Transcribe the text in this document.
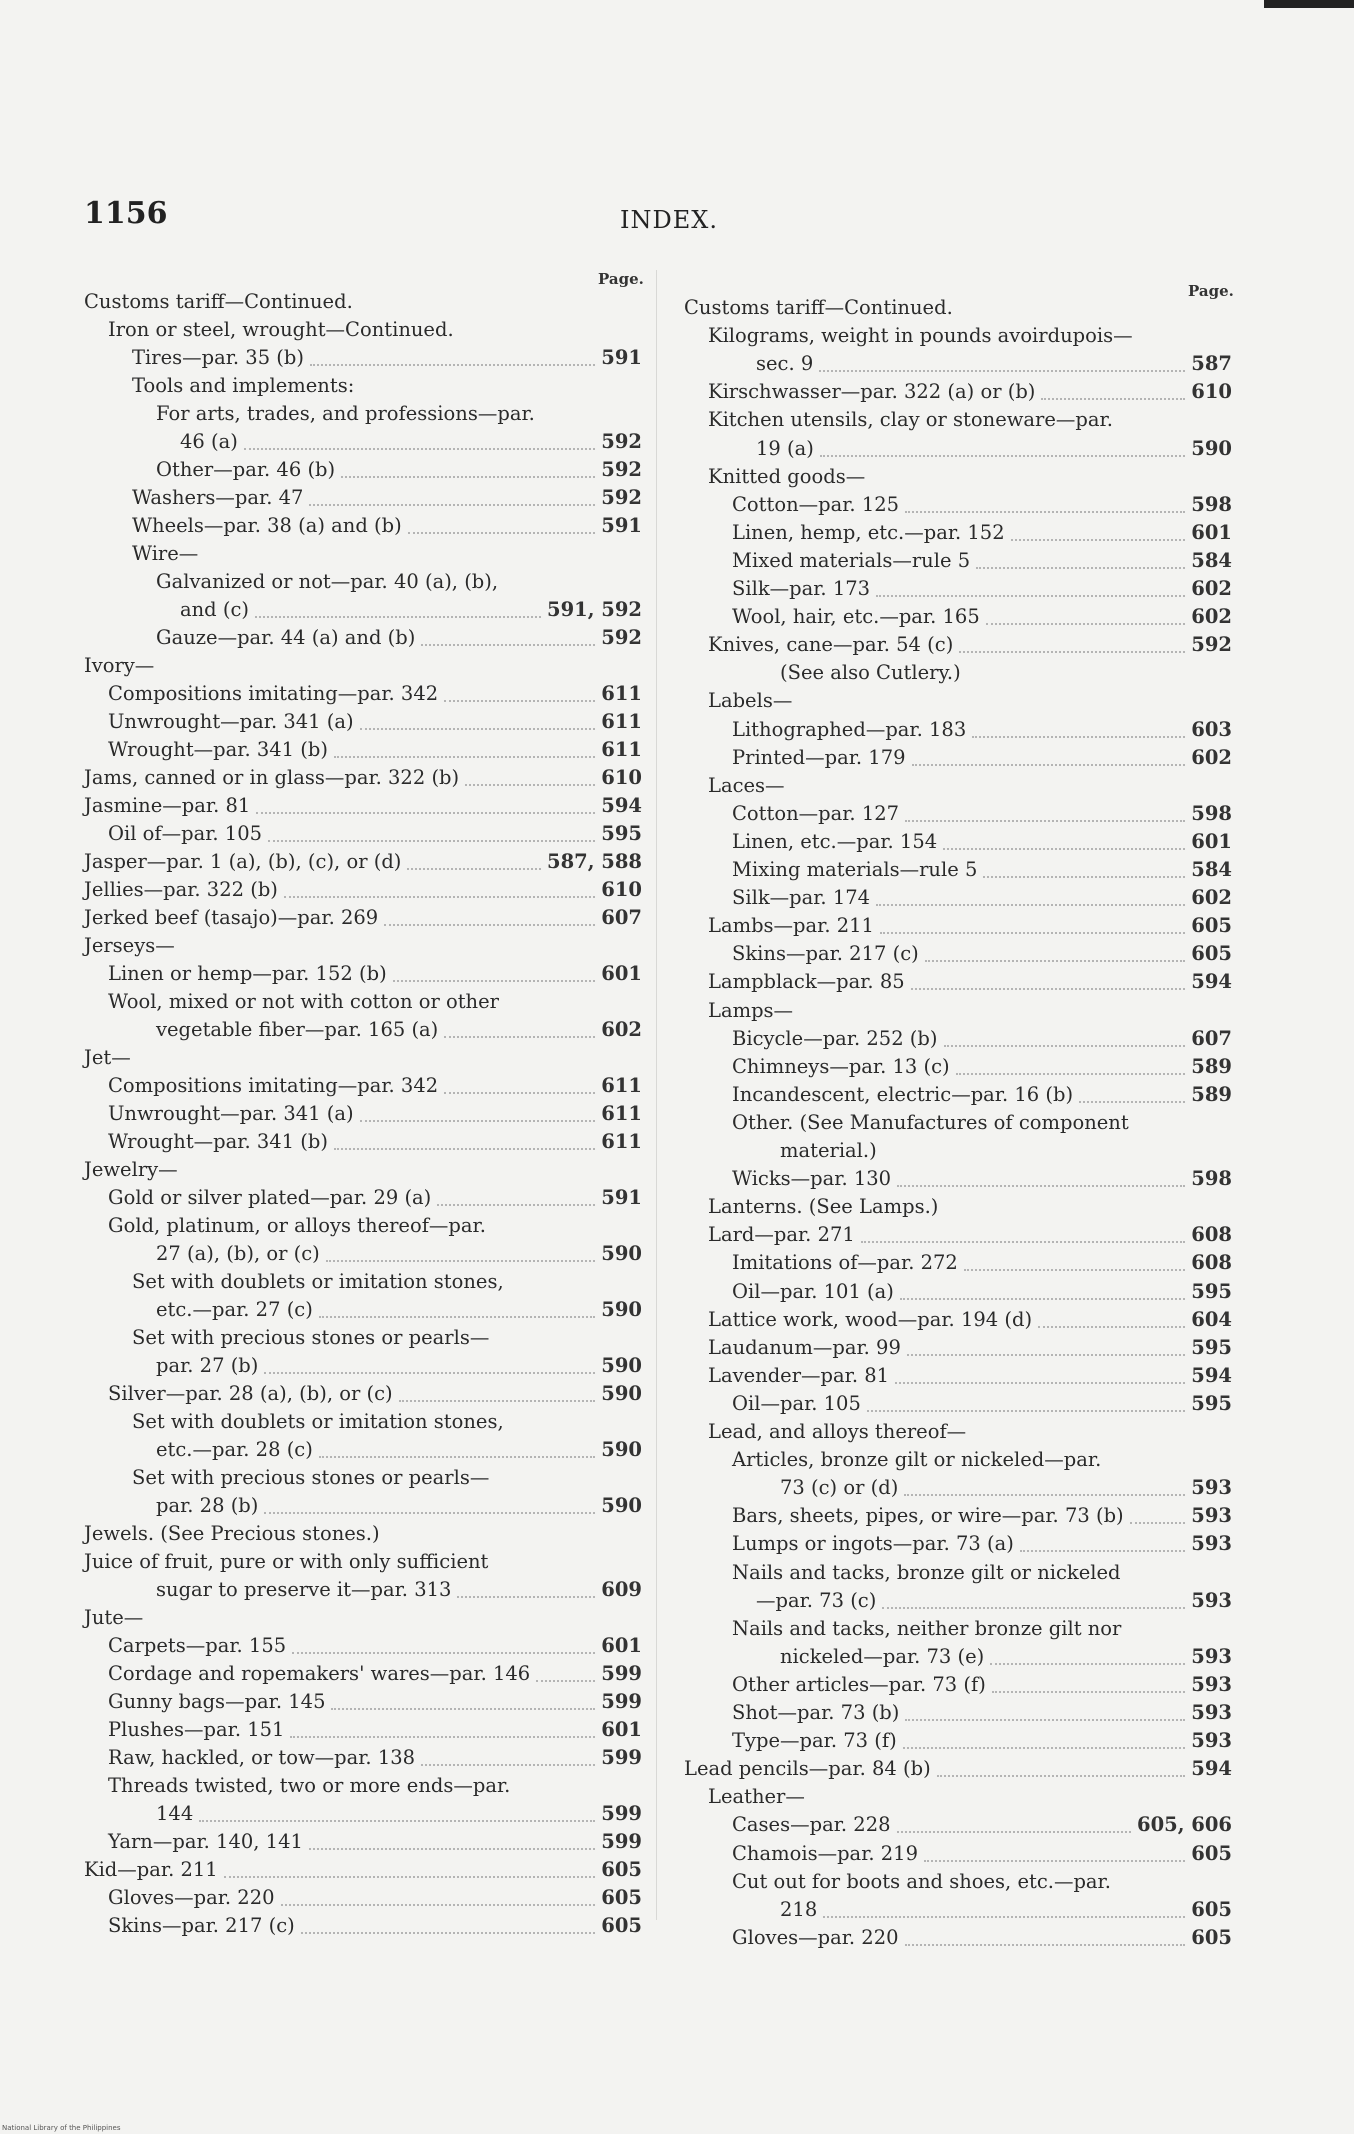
1156	INDEX.
Page.
Page.
Customs tariff—Continued.
Iron or steel, wrought—Continued.
Tires—par. 35 (b)	591
Tools and implements:
For arts, trades, and professions—par.
46 (a)	592
Other—par. 46 (b)	592
Washers—par. 47	592
Wheels—par. 38 (a) and (b)	591
Wire—
Galvanized or not—par. 40 (a), (b),
and (c)	591, 592
Gauze—par. 44 (a) and (b)	592
Ivory—
Compositions imitating—par. 342	611
Unwrought—par. 341 (a)	611
Wrought—par. 341 (b)	611
Jams, canned or in glass—par. 322 (b)	610
Jasmine—par. 81	594
Oil of—par. 105	595
Jasper—par. 1 (a), (b), (c), or (d)	587, 588
Jellies—par. 322 (b)	610
Jerked beef (tasajo)—par. 269	607
Jerseys—
Linen or hemp—par. 152 (b)	601
Wool, mixed or not with cotton or other
vegetable fiber—par. 165 (a)	602
Jet—
Compositions imitating—par. 342	611
Unwrought—par. 341 (a)	611
Wrought—par. 341 (b)	611
Jewelry—
Gold or silver plated—par. 29 (a)	591
Gold, platinum, or alloys thereof—par.
27 (a), (b), or (c)	590
Set with doublets or imitation stones,
etc.—par. 27 (c)	590
Set with precious stones or pearls—
par. 27 (b)	590
Silver—par. 28 (a), (b), or (c)	590
Set with doublets or imitation stones,
etc.—par. 28 (c)	590
Set with precious stones or pearls—
par. 28 (b)	590
Jewels. (See Precious stones.)
Juice of fruit, pure or with only sufficient
sugar to preserve it—par. 313	609
Jute—
Carpets—par. 155	601
Cordage and ropemakers' wares—par. 146	599
Gunny bags—par. 145	599
Plushes—par. 151	601
Raw, hackled, or tow—par. 138	599
Threads twisted, two or more ends—par.
144	599
Yarn—par. 140, 141	599
Kid—par. 211	605
Gloves—par. 220	605
Skins—par. 217 (c)	605
Customs tariff—Continued.
Kilograms, weight in pounds avoirdupois—
sec. 9	587
Kirschwasser—par. 322 (a) or (b)	610
Kitchen utensils, clay or stoneware—par.
19 (a)	590
Knitted goods—
Cotton—par. 125	598
Linen, hemp, etc.—par. 152	601
Mixed materials—rule 5	584
Silk—par. 173	602
Wool, hair, etc.—par. 165	602
Knives, cane—par. 54 (c)	592
(See also Cutlery.)
Labels—
Lithographed—par. 183	603
Printed—par. 179	602
Laces—
Cotton—par. 127	598
Linen, etc.—par. 154	601
Mixing materials—rule 5	584
Silk—par. 174	602
Lambs—par. 211	605
Skins—par. 217 (c)	605
Lampblack—par. 85	594
Lamps—
Bicycle—par. 252 (b)	607
Chimneys—par. 13 (c)	589
Incandescent, electric—par. 16 (b)	589
Other. (See Manufactures of component
material.)
Wicks—par. 130	598
Lanterns. (See Lamps.)
Lard—par. 271	608
Imitations of—par. 272	608
Oil—par. 101 (a)	595
Lattice work, wood—par. 194 (d)	604
Laudanum—par. 99	595
Lavender—par. 81	594
Oil—par. 105	595
Lead, and alloys thereof—
Articles, bronze gilt or nickeled—par.
73 (c) or (d)	593
Bars, sheets, pipes, or wire—par. 73 (b)	593
Lumps or ingots—par. 73 (a)	593
Nails and tacks, bronze gilt or nickeled
—par. 73 (c)	593
Nails and tacks, neither bronze gilt nor
nickeled—par. 73 (e)	593
Other articles—par. 73 (f)	593
Shot—par. 73 (b)	593
Type—par. 73 (f)	593
Lead pencils—par. 84 (b)	594
Leather—
Cases—par. 228	605, 606
Chamois—par. 219	605
Cut out for boots and shoes, etc.—par.
218	605
Gloves—par. 220	605
National Library of the Philippines
